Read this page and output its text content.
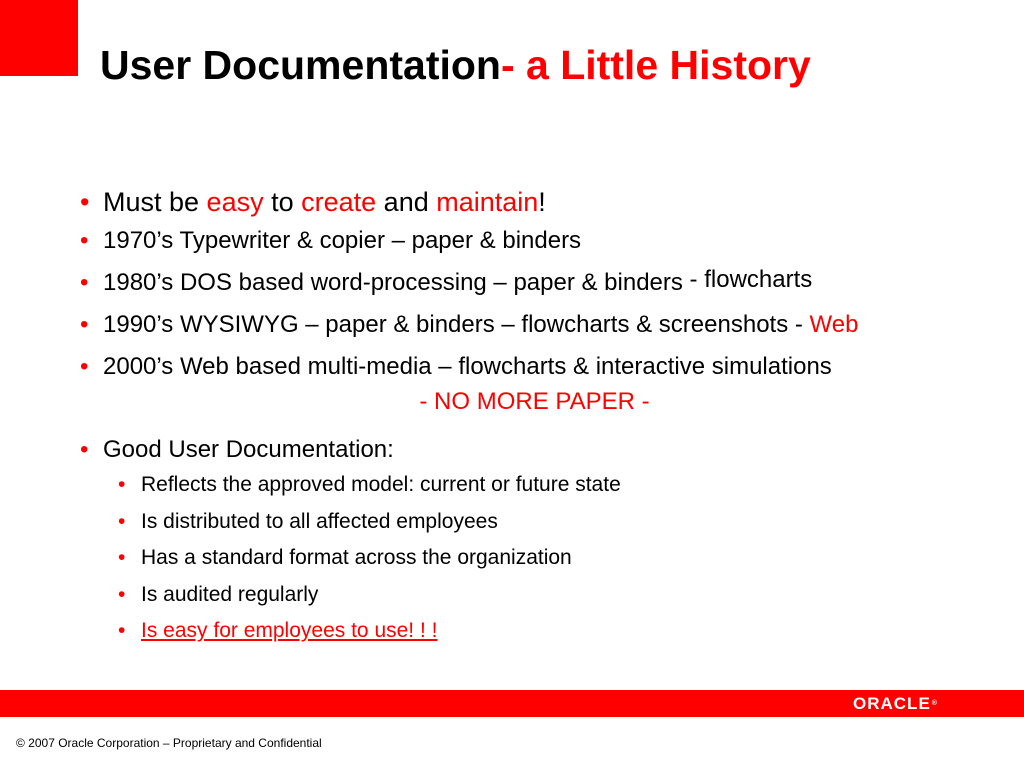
User Documentation- a Little History
• Must be easy to create and maintain!
• 1970’s Typewriter & copier – paper & binders
• 1980’s DOS based word-processing – paper & binders - flowcharts
• 1990’s WYSIWYG – paper & binders – flowcharts & screenshots - Web
• 2000’s Web based multi-media – flowcharts & interactive simulations
- NO MORE PAPER -
• Good User Documentation:
• Reflects the approved model: current or future state
• Is distributed to all affected employees
• Has a standard format across the organization
• Is audited regularly
• Is easy for employees to use! ! !
ORACLE®
© 2007 Oracle Corporation – Proprietary and Confidential
